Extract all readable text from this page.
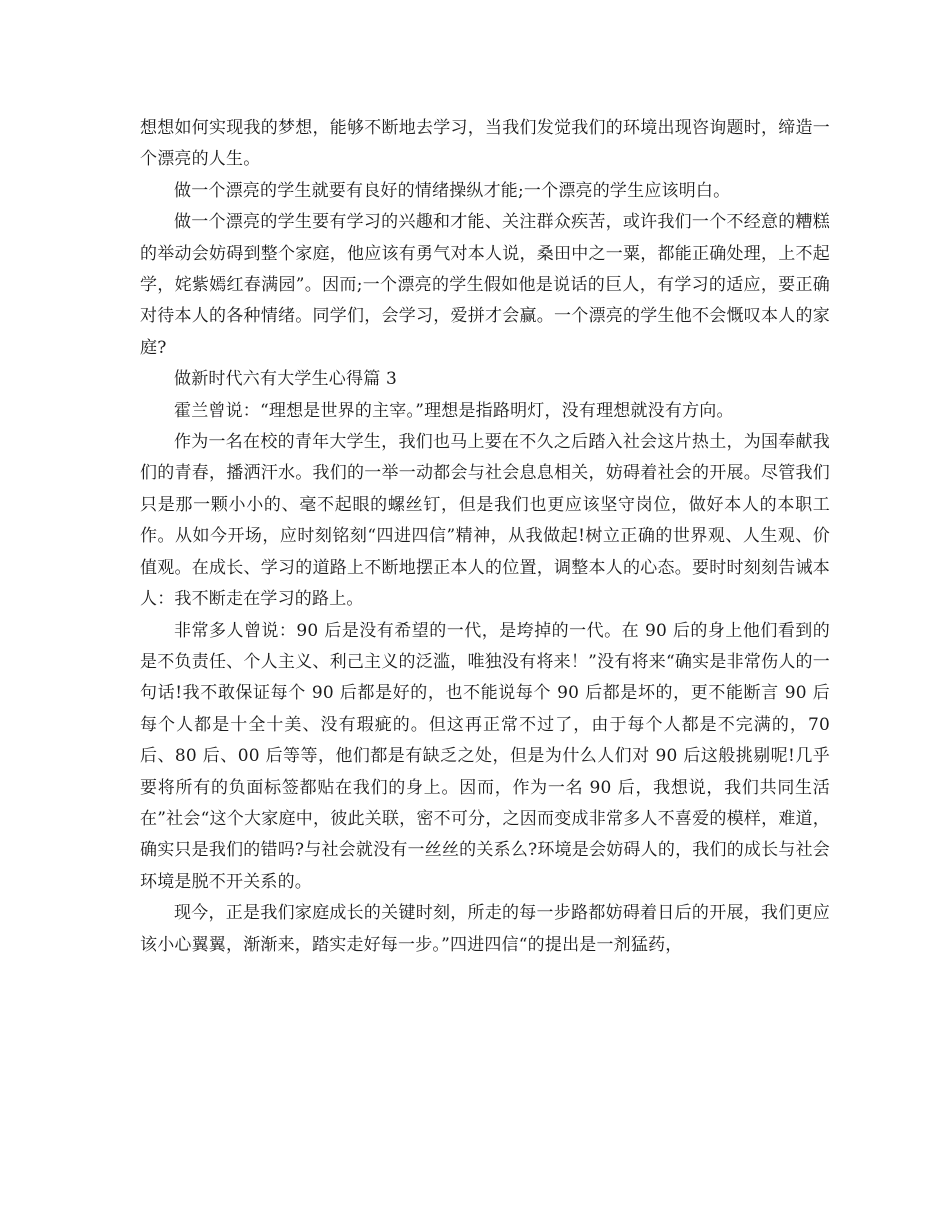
想想如何实现我的梦想，能够不断地去学习，当我们发觉我们的环境出现咨询题时，缔造一个漂亮的人生。

做一个漂亮的学生就要有良好的情绪操纵才能;一个漂亮的学生应该明白。

做一个漂亮的学生要有学习的兴趣和才能、关注群众疾苦，或许我们一个不经意的糟糕的举动会妨碍到整个家庭，他应该有勇气对本人说，桑田中之一粟，都能正确处理，上不起学，姹紫嫣红春满园”。因而;一个漂亮的学生假如他是说话的巨人，有学习的适应，要正确对待本人的各种情绪。同学们，会学习，爱拼才会赢。一个漂亮的学生他不会慨叹本人的家庭?

做新时代六有大学生心得篇 3

霍兰曾说：“理想是世界的主宰。”理想是指路明灯，没有理想就没有方向。

作为一名在校的青年大学生，我们也马上要在不久之后踏入社会这片热土，为国奉献我们的青春，播洒汗水。我们的一举一动都会与社会息息相关，妨碍着社会的开展。尽管我们只是那一颗小小的、毫不起眼的螺丝钉，但是我们也更应该坚守岗位，做好本人的本职工作。从如今开场，应时刻铭刻“四进四信”精神，从我做起!树立正确的世界观、人生观、价值观。在成长、学习的道路上不断地摆正本人的位置，调整本人的心态。要时时刻刻告诫本人：我不断走在学习的路上。

非常多人曾说：90 后是没有希望的一代，是垮掉的一代。在 90 后的身上他们看到的是不负责任、个人主义、利己主义的泛滥，唯独没有将来！”没有将来“确实是非常伤人的一句话!我不敢保证每个 90 后都是好的，也不能说每个 90 后都是坏的，更不能断言 90 后每个人都是十全十美、没有瑕疵的。但这再正常不过了，由于每个人都是不完满的，70 后、80 后、00 后等等，他们都是有缺乏之处，但是为什么人们对 90 后这般挑剔呢!几乎要将所有的负面标签都贴在我们的身上。因而，作为一名 90 后，我想说，我们共同生活在”社会“这个大家庭中，彼此关联，密不可分，之因而变成非常多人不喜爱的模样，难道，确实只是我们的错吗?与社会就没有一丝丝的关系么?环境是会妨碍人的，我们的成长与社会环境是脱不开关系的。

现今，正是我们家庭成长的关键时刻，所走的每一步路都妨碍着日后的开展，我们更应该小心翼翼，渐渐来，踏实走好每一步。”四进四信“的提出是一剂猛药，
